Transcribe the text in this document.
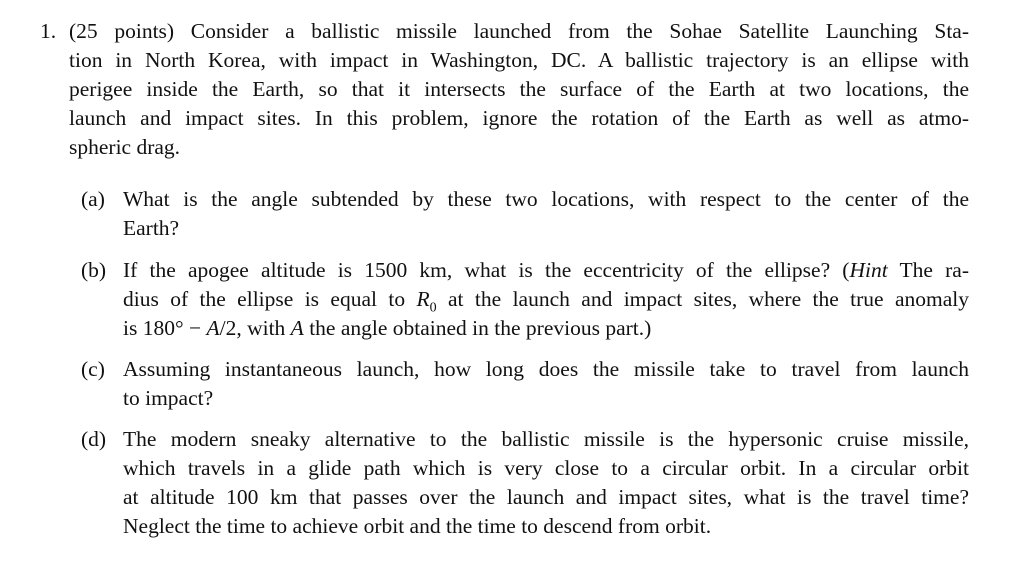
1. (25 points) Consider a ballistic missile launched from the Sohae Satellite Launching Sta-
tion in North Korea, with impact in Washington, DC. A ballistic trajectory is an ellipse with
perigee inside the Earth, so that it intersects the surface of the Earth at two locations, the
launch and impact sites. In this problem, ignore the rotation of the Earth as well as atmo-
spheric drag.
(a) What is the angle subtended by these two locations, with respect to the center of the
Earth?
(b) If the apogee altitude is 1500 km, what is the eccentricity of the ellipse? (Hint The ra-
dius of the ellipse is equal to $R_0$ at the launch and impact sites, where the true anomaly
is 180° − A/2, with A the angle obtained in the previous part.)
(c) Assuming instantaneous launch, how long does the missile take to travel from launch
to impact?
(d) The modern sneaky alternative to the ballistic missile is the hypersonic cruise missile,
which travels in a glide path which is very close to a circular orbit. In a circular orbit
at altitude 100 km that passes over the launch and impact sites, what is the travel time?
Neglect the time to achieve orbit and the time to descend from orbit.
